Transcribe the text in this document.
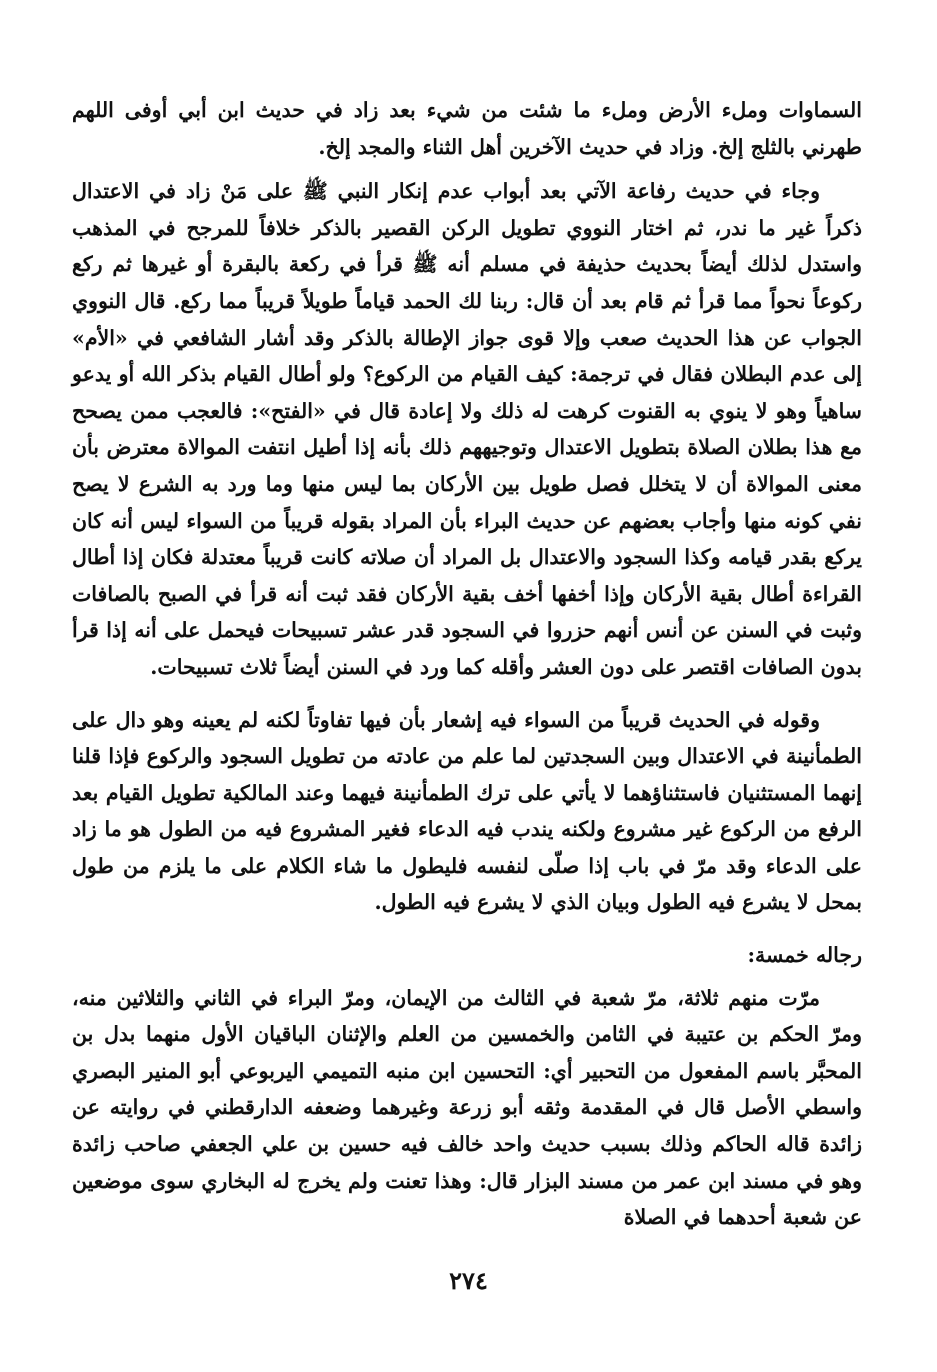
السماوات وملء الأرض وملء ما شئت من شيء بعد زاد في حديث ابن أبي أوفى اللهم طهرني بالثلج إلخ. وزاد في حديث الآخرين أهل الثناء والمجد إلخ.

وجاء في حديث رفاعة الآتي بعد أبواب عدم إنكار النبي ﷺ على مَنْ زاد في الاعتدال ذكراً غير ما ندر، ثم اختار النووي تطويل الركن القصير بالذكر خلافاً للمرجح في المذهب واستدل لذلك أيضاً بحديث حذيفة في مسلم أنه ﷺ قرأ في ركعة بالبقرة أو غيرها ثم ركع ركوعاً نحواً مما قرأ ثم قام بعد أن قال: ربنا لك الحمد قياماً طويلاً قريباً مما ركع. قال النووي الجواب عن هذا الحديث صعب وإلا قوى جواز الإطالة بالذكر وقد أشار الشافعي في «الأم» إلى عدم البطلان فقال في ترجمة: كيف القيام من الركوع؟ ولو أطال القيام بذكر الله أو يدعو ساهياً وهو لا ينوي به القنوت كرهت له ذلك ولا إعادة قال في «الفتح»: فالعجب ممن يصحح مع هذا بطلان الصلاة بتطويل الاعتدال وتوجيههم ذلك بأنه إذا أطيل انتفت الموالاة معترض بأن معنى الموالاة أن لا يتخلل فصل طويل بين الأركان بما ليس منها وما ورد به الشرع لا يصح نفي كونه منها وأجاب بعضهم عن حديث البراء بأن المراد بقوله قريباً من السواء ليس أنه كان يركع بقدر قيامه وكذا السجود والاعتدال بل المراد أن صلاته كانت قريباً معتدلة فكان إذا أطال القراءة أطال بقية الأركان وإذا أخفها أخف بقية الأركان فقد ثبت أنه قرأ في الصبح بالصافات وثبت في السنن عن أنس أنهم حزروا في السجود قدر عشر تسبيحات فيحمل على أنه إذا قرأ بدون الصافات اقتصر على دون العشر وأقله كما ورد في السنن أيضاً ثلاث تسبيحات.

وقوله في الحديث قريباً من السواء فيه إشعار بأن فيها تفاوتاً لكنه لم يعينه وهو دال على الطمأنينة في الاعتدال وبين السجدتين لما علم من عادته من تطويل السجود والركوع فإذا قلنا إنهما المستثنيان فاستثناؤهما لا يأتي على ترك الطمأنينة فيهما وعند المالكية تطويل القيام بعد الرفع من الركوع غير مشروع ولكنه يندب فيه الدعاء فغير المشروع فيه من الطول هو ما زاد على الدعاء وقد مرّ في باب إذا صلّى لنفسه فليطول ما شاء الكلام على ما يلزم من طول بمحل لا يشرع فيه الطول وبيان الذي لا يشرع فيه الطول.

رجاله خمسة:

مرّت منهم ثلاثة، مرّ شعبة في الثالث من الإيمان، ومرّ البراء في الثاني والثلاثين منه، ومرّ الحكم بن عتيبة في الثامن والخمسين من العلم والإثنان الباقيان الأول منهما بدل بن المحبَّر باسم المفعول من التحبير أي: التحسين ابن منبه التميمي اليربوعي أبو المنير البصري واسطي الأصل قال في المقدمة وثقه أبو زرعة وغيرهما وضعفه الدارقطني في روايته عن زائدة قاله الحاكم وذلك بسبب حديث واحد خالف فيه حسين بن علي الجعفي صاحب زائدة وهو في مسند ابن عمر من مسند البزار قال: وهذا تعنت ولم يخرج له البخاري سوى موضعين عن شعبة أحدهما في الصلاة

٢٧٤
